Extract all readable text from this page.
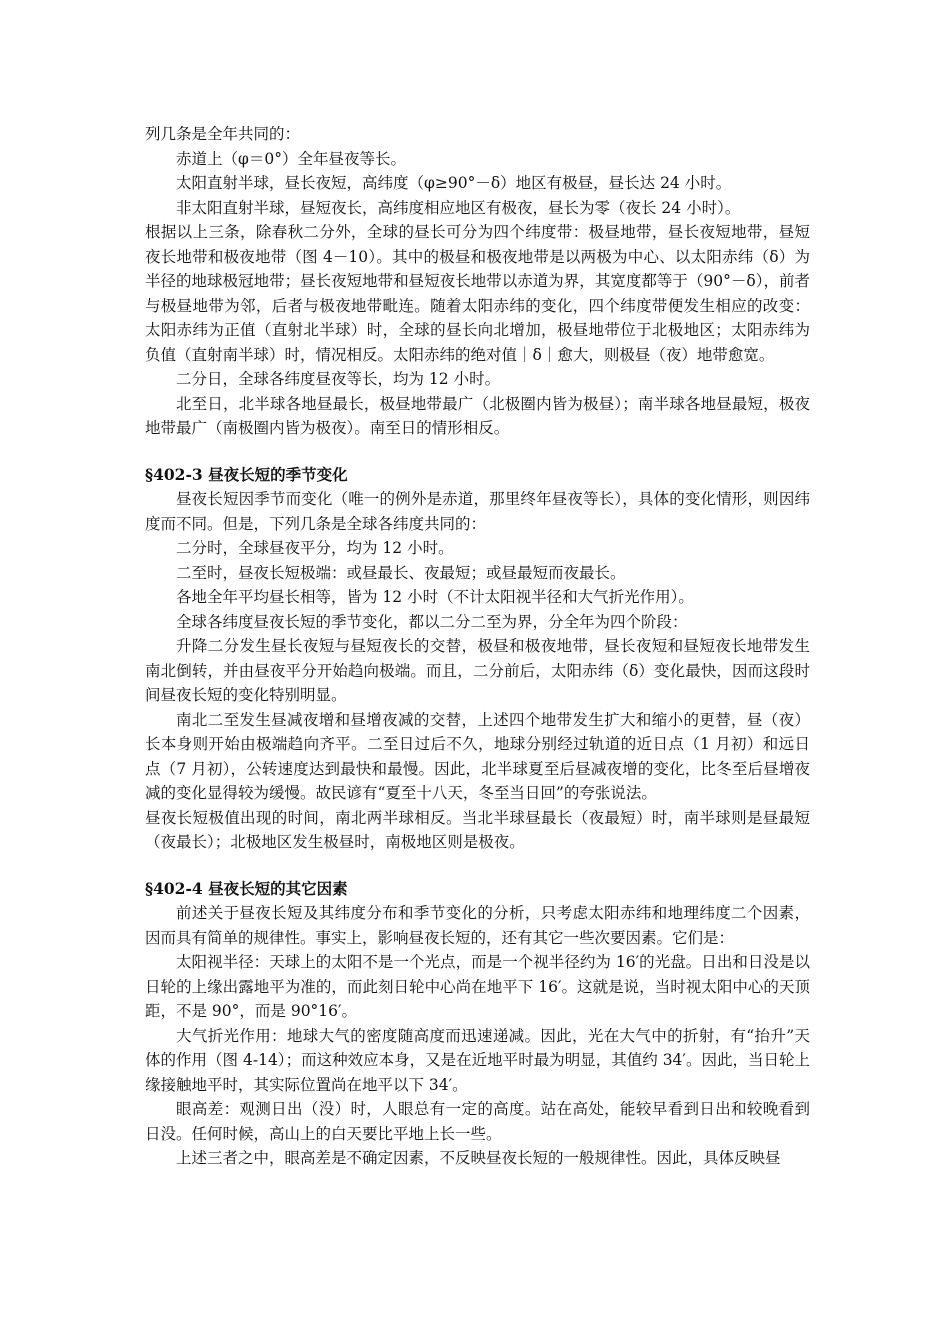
列几条是全年共同的：

赤道上（φ＝0°）全年昼夜等长。

太阳直射半球，昼长夜短，高纬度（φ≥90°－δ）地区有极昼，昼长达 24 小时。

非太阳直射半球，昼短夜长，高纬度相应地区有极夜，昼长为零（夜长 24 小时）。

根据以上三条，除春秋二分外，全球的昼长可分为四个纬度带：极昼地带，昼长夜短地带，昼短夜长地带和极夜地带（图 4－10）。其中的极昼和极夜地带是以两极为中心、以太阳赤纬（δ）为半径的地球极冠地带；昼长夜短地带和昼短夜长地带以赤道为界，其宽度都等于（90°－δ），前者与极昼地带为邻，后者与极夜地带毗连。随着太阳赤纬的变化，四个纬度带便发生相应的改变：太阳赤纬为正值（直射北半球）时，全球的昼长向北增加，极昼地带位于北极地区；太阳赤纬为负值（直射南半球）时，情况相反。太阳赤纬的绝对值｜δ｜愈大，则极昼（夜）地带愈宽。

二分日，全球各纬度昼夜等长，均为 12 小时。

北至日，北半球各地昼最长，极昼地带最广（北极圈内皆为极昼）；南半球各地昼最短，极夜地带最广（南极圈内皆为极夜）。南至日的情形相反。

§402-3 昼夜长短的季节变化

昼夜长短因季节而变化（唯一的例外是赤道，那里终年昼夜等长），具体的变化情形，则因纬度而不同。但是，下列几条是全球各纬度共同的：

二分时，全球昼夜平分，均为 12 小时。

二至时，昼夜长短极端：或昼最长、夜最短；或昼最短而夜最长。

各地全年平均昼长相等，皆为 12 小时（不计太阳视半径和大气折光作用）。

全球各纬度昼夜长短的季节变化，都以二分二至为界，分全年为四个阶段：

升降二分发生昼长夜短与昼短夜长的交替，极昼和极夜地带，昼长夜短和昼短夜长地带发生南北倒转，并由昼夜平分开始趋向极端。而且，二分前后，太阳赤纬（δ）变化最快，因而这段时间昼夜长短的变化特别明显。

南北二至发生昼减夜增和昼增夜减的交替，上述四个地带发生扩大和缩小的更替，昼（夜）长本身则开始由极端趋向齐平。二至日过后不久，地球分别经过轨道的近日点（1 月初）和远日点（7 月初），公转速度达到最快和最慢。因此，北半球夏至后昼减夜增的变化，比冬至后昼增夜减的变化显得较为缓慢。故民谚有“夏至十八天，冬至当日回”的夸张说法。

昼夜长短极值出现的时间，南北两半球相反。当北半球昼最长（夜最短）时，南半球则是昼最短（夜最长）；北极地区发生极昼时，南极地区则是极夜。

§402-4 昼夜长短的其它因素

前述关于昼夜长短及其纬度分布和季节变化的分析，只考虑太阳赤纬和地理纬度二个因素，因而具有简单的规律性。事实上，影响昼夜长短的，还有其它一些次要因素。它们是：

太阳视半径：天球上的太阳不是一个光点，而是一个视半径约为 16′的光盘。日出和日没是以日轮的上缘出露地平为准的，而此刻日轮中心尚在地平下 16′。这就是说，当时视太阳中心的天顶距，不是 90°，而是 90°16′。

大气折光作用：地球大气的密度随高度而迅速递减。因此，光在大气中的折射，有“抬升”天体的作用（图 4-14）；而这种效应本身，又是在近地平时最为明显，其值约 34′。因此，当日轮上缘接触地平时，其实际位置尚在地平以下 34′。

眼高差：观测日出（没）时，人眼总有一定的高度。站在高处，能较早看到日出和较晚看到日没。任何时候，高山上的白天要比平地上长一些。

上述三者之中，眼高差是不确定因素，不反映昼夜长短的一般规律性。因此，具体反映昼
